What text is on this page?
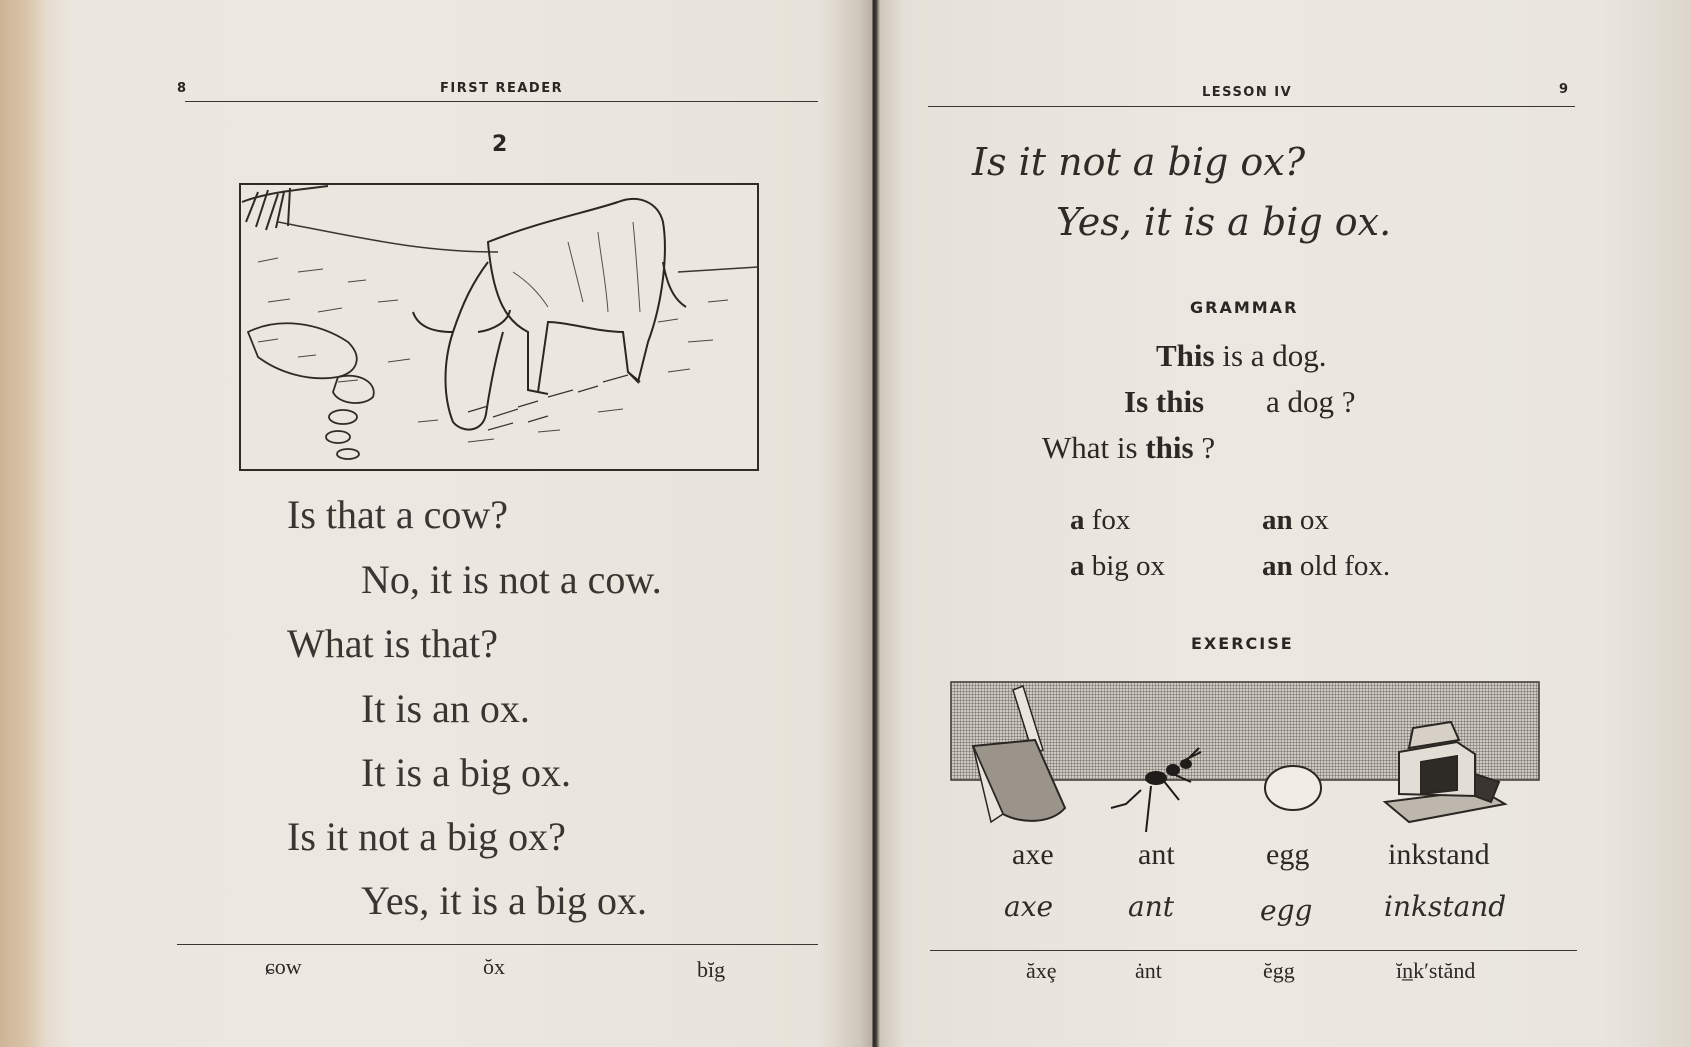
8	FIRST READER
2
Is that a cow?
No, it is not a cow.
What is that?
It is an ox.
It is a big ox.
Is it not a big ox?
Yes, it is a big ox.
ɕow	ŏx	bĭg
LESSON IV	9
Is it not a big ox?
Yes, it is a big ox.
GRAMMAR
This is a dog.
Is this a dog ?
What is this ?
a fox	an ox
a big ox	an old fox.
EXERCISE
axe	ant	egg	inkstand
axe	ant	egg	inkstand
ăxȩ	ȧnt	ĕgg	ĭn̲k′stănd
